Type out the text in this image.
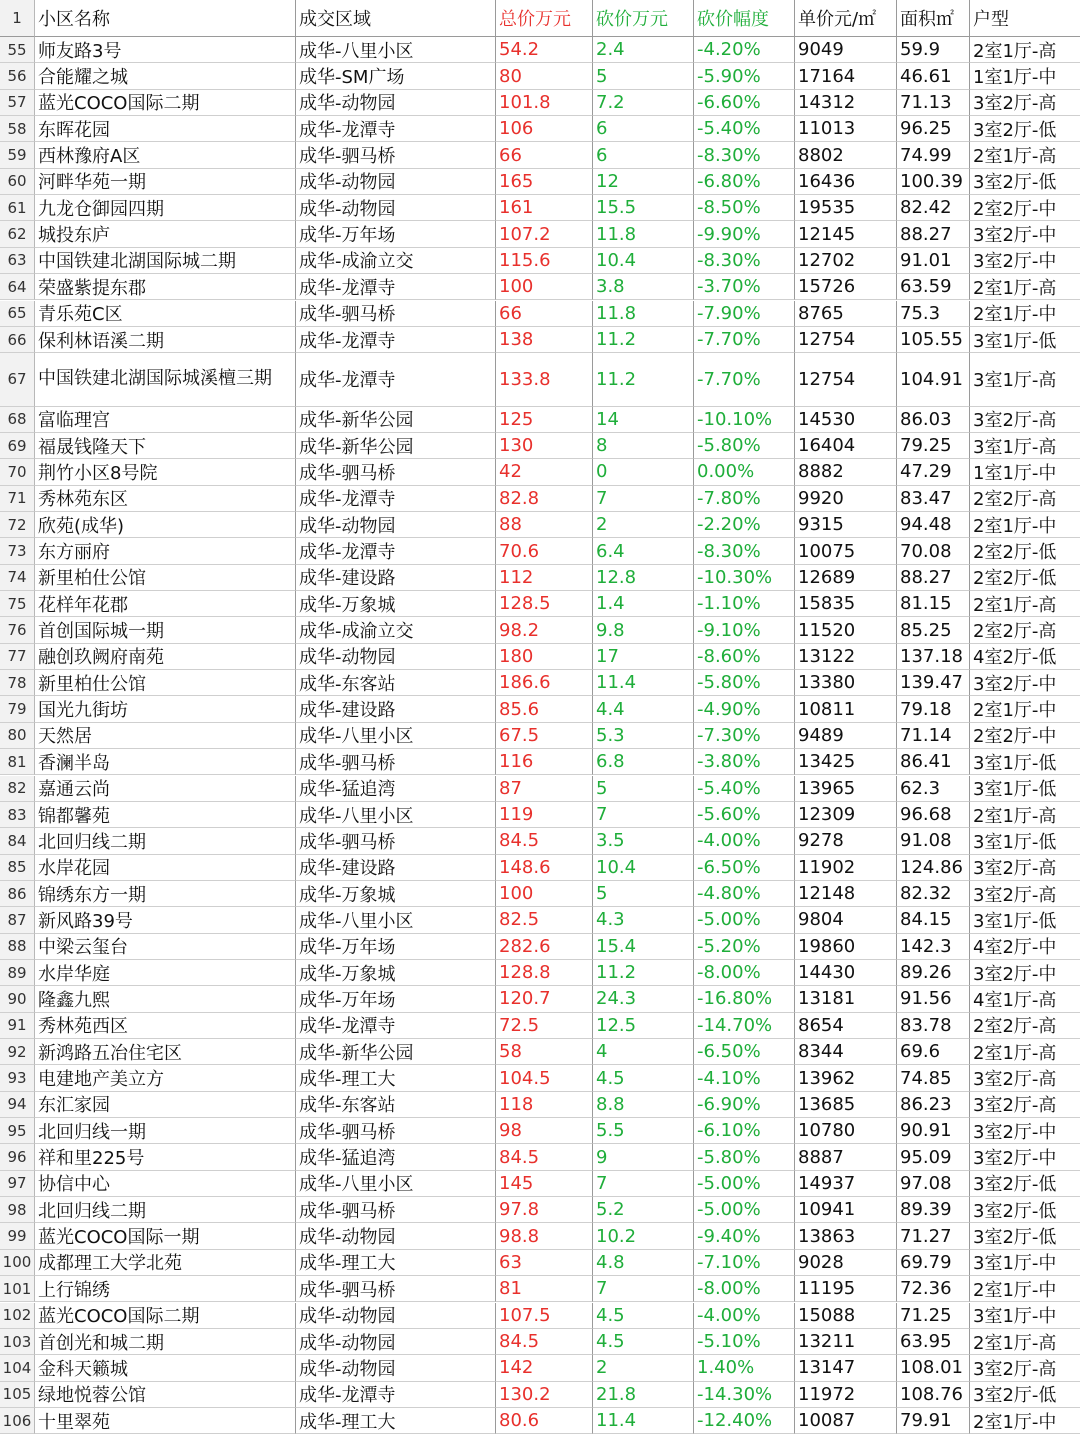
1 小区名称	成交区域	总价万元	砍价万元	砍价幅度	单价元/㎡	面积㎡	户型
55 师友路3号	成华-八里小区	54.2	2.4	-4.20%	9049	59.9	2室1厅-高
56 合能耀之城	成华-SM广场	80	5	-5.90%	17164	46.61	1室1厅-中
57 蓝光COCO国际二期	成华-动物园	101.8	7.2	-6.60%	14312	71.13	3室2厅-高
58 东晖花园	成华-龙潭寺	106	6	-5.40%	11013	96.25	3室2厅-低
59 西林豫府A区	成华-驷马桥	66	6	-8.30%	8802	74.99	2室1厅-高
60 河畔华苑一期	成华-动物园	165	12	-6.80%	16436	100.39 3室2厅-低
61 九龙仓御园四期	成华-动物园	161	15.5	-8.50%	19535	82.42	2室2厅-中
62 城投东庐	成华-万年场	107.2	11.8	-9.90%	12145	88.27	3室2厅-中
63 中国铁建北湖国际城二期	成华-成渝立交	115.6	10.4	-8.30%	12702	91.01	3室2厅-中
64 荣盛紫提东郡	成华-龙潭寺	100	3.8	-3.70%	15726	63.59	2室1厅-高
65 青乐苑C区	成华-驷马桥	66	11.8	-7.90%	8765	75.3	2室1厅-中
66 保利林语溪二期	成华-龙潭寺	138	11.2	-7.70%	12754	105.55 3室1厅-低
67 中国铁建北湖国际城溪檀三期	成华-龙潭寺	133.8	11.2	-7.70%	12754	104.91 3室1厅-高
68 富临理宫	成华-新华公园	125	14	-10.10%	14530	86.03	3室2厅-高
69 福晟钱隆天下	成华-新华公园	130	8	-5.80%	16404	79.25	3室1厅-高
70 荆竹小区8号院	成华-驷马桥	42	0	0.00%	8882	47.29	1室1厅-中
71 秀林苑东区	成华-龙潭寺	82.8	7	-7.80%	9920	83.47	2室2厅-高
72 欣苑(成华)	成华-动物园	88	2	-2.20%	9315	94.48	2室1厅-中
73 东方丽府	成华-龙潭寺	70.6	6.4	-8.30%	10075	70.08	2室2厅-低
74 新里柏仕公馆	成华-建设路	112	12.8	-10.30%	12689	88.27	2室2厅-低
75 花样年花郡	成华-万象城	128.5	1.4	-1.10%	15835	81.15	2室1厅-高
76 首创国际城一期	成华-成渝立交	98.2	9.8	-9.10%	11520	85.25	2室2厅-高
77 融创玖阙府南苑	成华-动物园	180	17	-8.60%	13122	137.18 4室2厅-低
78 新里柏仕公馆	成华-东客站	186.6	11.4	-5.80%	13380	139.47 3室2厅-中
79 国光九街坊	成华-建设路	85.6	4.4	-4.90%	10811	79.18	2室1厅-中
80 天然居	成华-八里小区	67.5	5.3	-7.30%	9489	71.14	2室2厅-中
81 香澜半岛	成华-驷马桥	116	6.8	-3.80%	13425	86.41	3室1厅-低
82 嘉通云尚	成华-猛追湾	87	5	-5.40%	13965	62.3	3室1厅-低
83 锦都馨苑	成华-八里小区	119	7	-5.60%	12309	96.68	2室1厅-高
84 北回归线二期	成华-驷马桥	84.5	3.5	-4.00%	9278	91.08	3室1厅-低
85 水岸花园	成华-建设路	148.6	10.4	-6.50%	11902	124.86 3室2厅-高
86 锦绣东方一期	成华-万象城	100	5	-4.80%	12148	82.32	3室2厅-高
87 新风路39号	成华-八里小区	82.5	4.3	-5.00%	9804	84.15	3室1厅-低
88 中梁云玺台	成华-万年场	282.6	15.4	-5.20%	19860	142.3	4室2厅-中
89 水岸华庭	成华-万象城	128.8	11.2	-8.00%	14430	89.26	3室2厅-中
90 隆鑫九熙	成华-万年场	120.7	24.3	-16.80%	13181	91.56	4室1厅-高
91 秀林苑西区	成华-龙潭寺	72.5	12.5	-14.70%	8654	83.78	2室2厅-高
92 新鸿路五冶住宅区	成华-新华公园	58	4	-6.50%	8344	69.6	2室1厅-高
93 电建地产美立方	成华-理工大	104.5	4.5	-4.10%	13962	74.85	3室2厅-高
94 东汇家园	成华-东客站	118	8.8	-6.90%	13685	86.23	3室2厅-高
95 北回归线一期	成华-驷马桥	98	5.5	-6.10%	10780	90.91	3室2厅-中
96 祥和里225号	成华-猛追湾	84.5	9	-5.80%	8887	95.09	3室2厅-中
97 协信中心	成华-八里小区	145	7	-5.00%	14937	97.08	3室2厅-低
98 北回归线二期	成华-驷马桥	97.8	5.2	-5.00%	10941	89.39	3室2厅-低
99 蓝光COCO国际一期	成华-动物园	98.8	10.2	-9.40%	13863	71.27	3室2厅-低
100 成都理工大学北苑	成华-理工大	63	4.8	-7.10%	9028	69.79	3室1厅-中
101 上行锦绣	成华-驷马桥	81	7	-8.00%	11195	72.36	2室1厅-中
102 蓝光COCO国际二期	成华-动物园	107.5	4.5	-4.00%	15088	71.25	3室1厅-中
103 首创光和城二期	成华-动物园	84.5	4.5	-5.10%	13211	63.95	2室1厅-高
104 金科天籁城	成华-动物园	142	2	1.40%	13147	108.01 3室2厅-高
105 绿地悦蓉公馆	成华-龙潭寺	130.2	21.8	-14.30%	11972	108.76 3室2厅-低
106 十里翠苑	成华-理工大	80.6	11.4	-12.40%	10087	79.91	2室1厅-中
